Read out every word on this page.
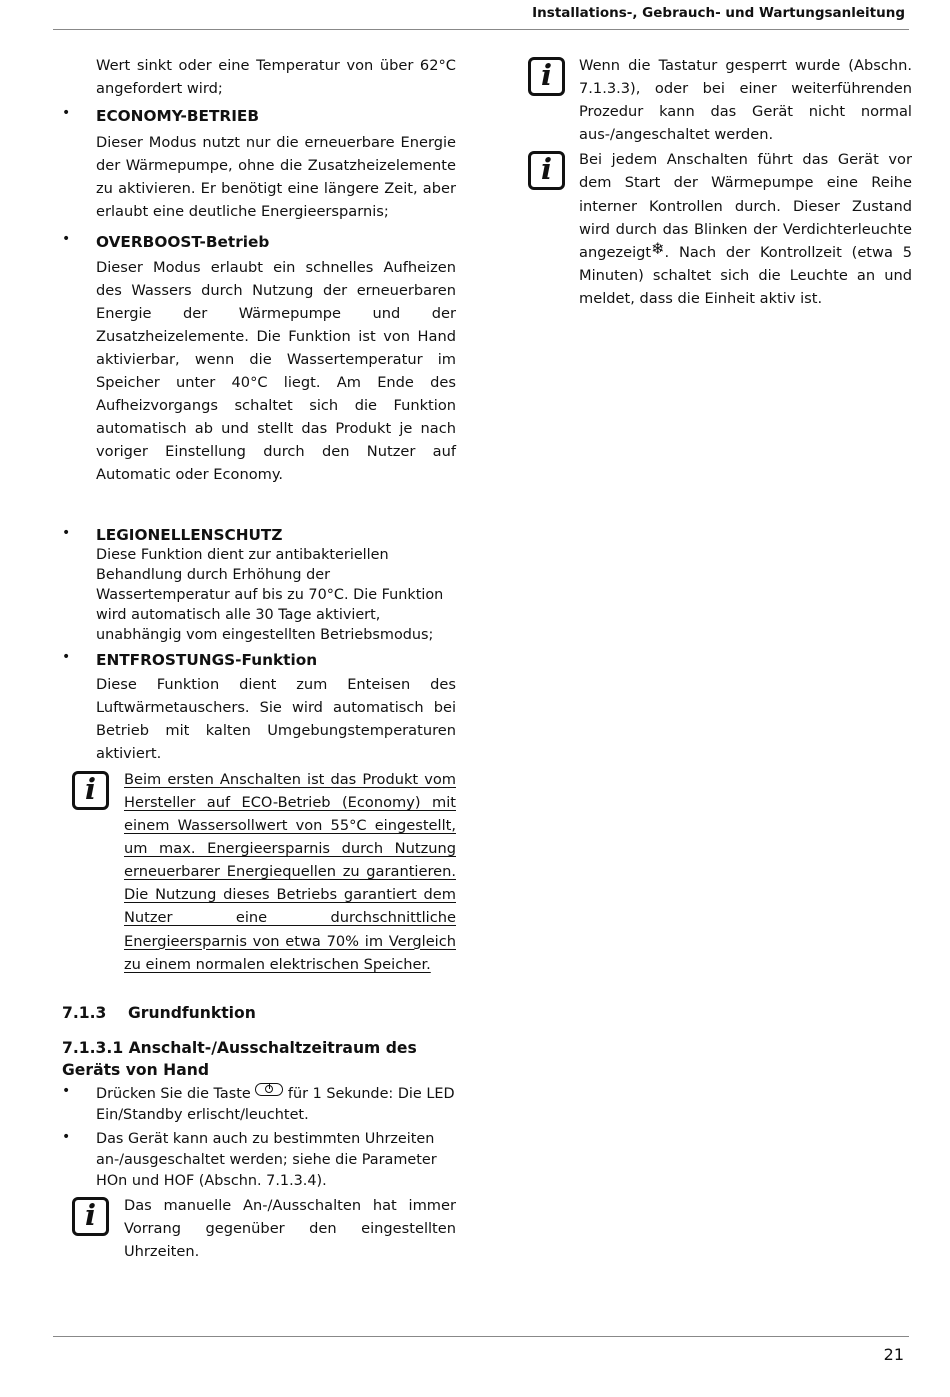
Installations-, Gebrauch- und Wartungsanleitung

Wert sinkt oder eine Temperatur von über 62°C angefordert wird;

• ECONOMY-BETRIEB

Dieser Modus nutzt nur die erneuerbare Energie der Wärmepumpe, ohne die Zusatzheizelemente zu aktivieren. Er benötigt eine längere Zeit, aber erlaubt eine deutliche Energieersparnis;

• OVERBOOST-Betrieb

Dieser Modus erlaubt ein schnelles Aufheizen des Wassers durch Nutzung der erneuerbaren Energie der Wärmepumpe und der Zusatzheizelemente. Die Funktion ist von Hand aktivierbar, wenn die Wassertemperatur im Speicher unter 40°C liegt. Am Ende des Aufheizvorgangs schaltet sich die Funktion automatisch ab und stellt das Produkt je nach voriger Einstellung durch den Nutzer auf Automatic oder Economy.

• LEGIONELLENSCHUTZ

Diese Funktion dient zur antibakteriellen Behandlung durch Erhöhung der Wassertemperatur auf bis zu 70°C. Die Funktion wird automatisch alle 30 Tage aktiviert, unabhängig vom eingestellten Betriebsmodus;

• ENTFROSTUNGS-Funktion

Diese Funktion dient zum Enteisen des Luftwärmetauschers. Sie wird automatisch bei Betrieb mit kalten Umgebungstemperaturen aktiviert.

i Beim ersten Anschalten ist das Produkt vom Hersteller auf ECO-Betrieb (Economy) mit einem Wassersollwert von 55°C eingestellt, um max. Energieersparnis durch Nutzung erneuerbarer Energiequellen zu garantieren. Die Nutzung dieses Betriebs garantiert dem Nutzer eine durchschnittliche Energieersparnis von etwa 70% im Vergleich zu einem normalen elektrischen Speicher.

7.1.3 Grundfunktion

7.1.3.1 Anschalt-/Ausschaltzeitraum des Geräts von Hand

• Drücken Sie die Taste	für 1 Sekunde: Die LED Ein/Standby erlischt/leuchtet.

• Das Gerät kann auch zu bestimmten Uhrzeiten an-/ausgeschaltet werden; siehe die Parameter HOn und HOF (Abschn. 7.1.3.4).

i Das manuelle An-/Ausschalten hat immer Vorrang gegenüber den eingestellten Uhrzeiten.

i Wenn die Tastatur gesperrt wurde (Abschn. 7.1.3.3), oder bei einer weiterführenden Prozedur kann das Gerät nicht normal aus-/angeschaltet werden.

i Bei jedem Anschalten führt das Gerät vor dem Start der Wärmepumpe eine Reihe interner Kontrollen durch. Dieser Zustand wird durch das Blinken der Verdichterleuchte angezeigt❄. Nach der Kontrollzeit (etwa 5 Minuten) schaltet sich die Leuchte an und meldet, dass die Einheit aktiv ist.

21
